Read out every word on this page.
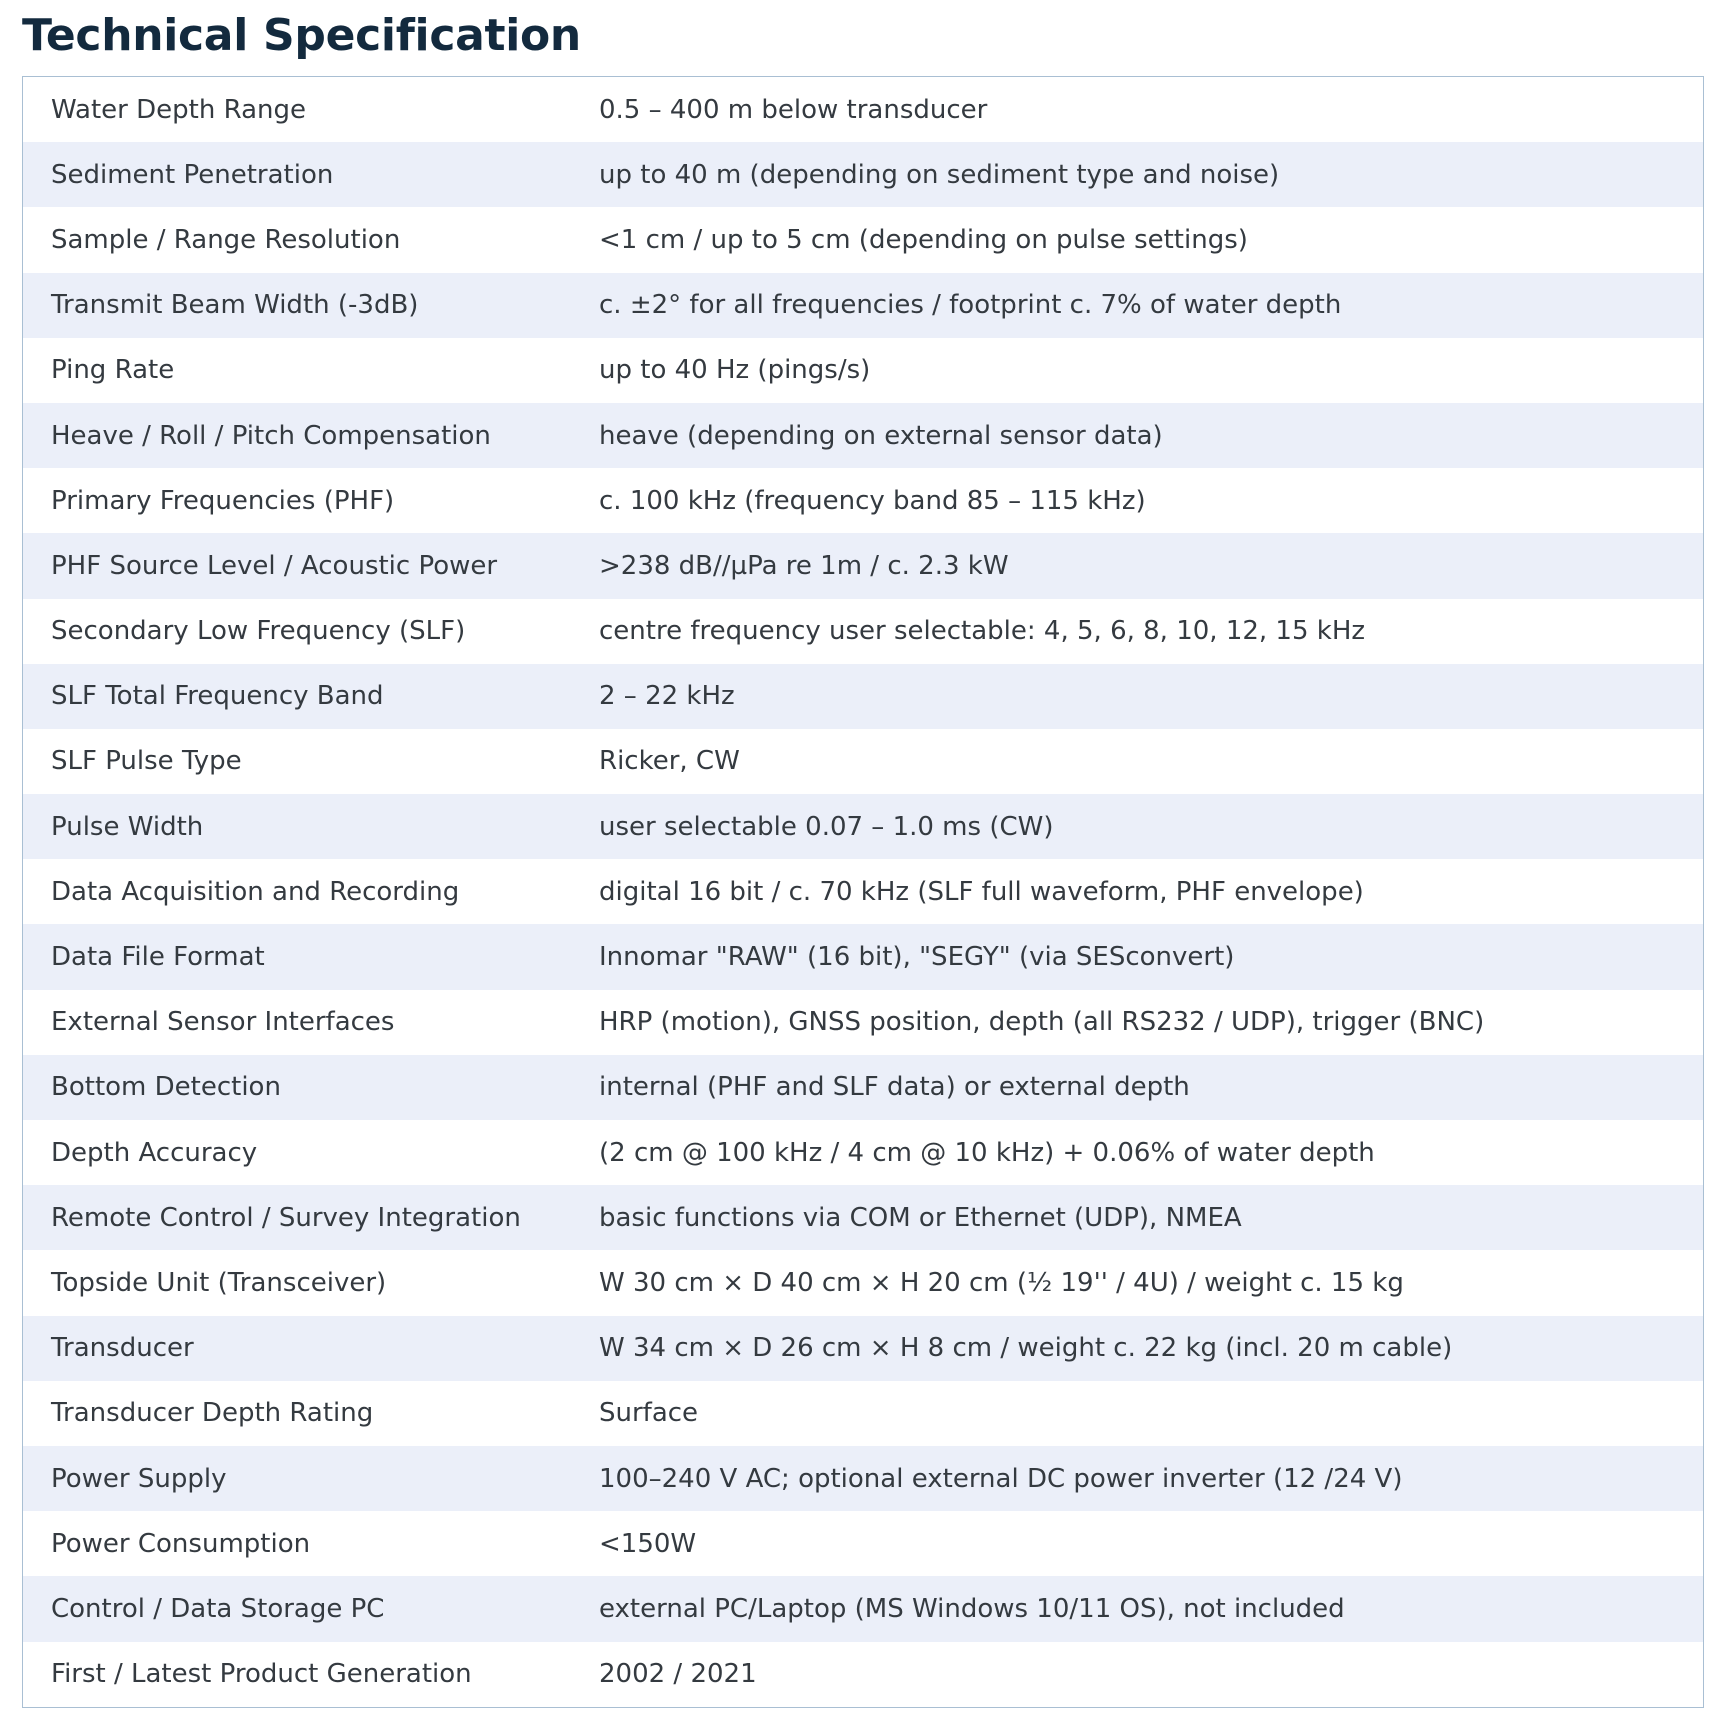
Technical Specification
Water Depth Range	0.5 – 400 m below transducer
Sediment Penetration	up to 40 m (depending on sediment type and noise)
Sample / Range Resolution	<1 cm / up to 5 cm (depending on pulse settings)
Transmit Beam Width (-3dB)	c. ±2° for all frequencies / footprint c. 7% of water depth
Ping Rate	up to 40 Hz (pings/s)
Heave / Roll / Pitch Compensation	heave (depending on external sensor data)
Primary Frequencies (PHF)	c. 100 kHz (frequency band 85 – 115 kHz)
PHF Source Level / Acoustic Power	>238 dB//µPa re 1m / c. 2.3 kW
Secondary Low Frequency (SLF)	centre frequency user selectable: 4, 5, 6, 8, 10, 12, 15 kHz
SLF Total Frequency Band	2 – 22 kHz
SLF Pulse Type	Ricker, CW
Pulse Width	user selectable 0.07 – 1.0 ms (CW)
Data Acquisition and Recording	digital 16 bit / c. 70 kHz (SLF full waveform, PHF envelope)
Data File Format	Innomar "RAW" (16 bit), "SEGY" (via SESconvert)
External Sensor Interfaces	HRP (motion), GNSS position, depth (all RS232 / UDP), trigger (BNC)
Bottom Detection	internal (PHF and SLF data) or external depth
Depth Accuracy	(2 cm @ 100 kHz / 4 cm @ 10 kHz) + 0.06% of water depth
Remote Control / Survey Integration	basic functions via COM or Ethernet (UDP), NMEA
Topside Unit (Transceiver)	W 30 cm × D 40 cm × H 20 cm (½ 19'' / 4U) / weight c. 15 kg
Transducer	W 34 cm × D 26 cm × H 8 cm / weight c. 22 kg (incl. 20 m cable)
Transducer Depth Rating	Surface
Power Supply	100–240 V AC; optional external DC power inverter (12 /24 V)
Power Consumption	<150W
Control / Data Storage PC	external PC/Laptop (MS Windows 10/11 OS), not included
First / Latest Product Generation	2002 / 2021
